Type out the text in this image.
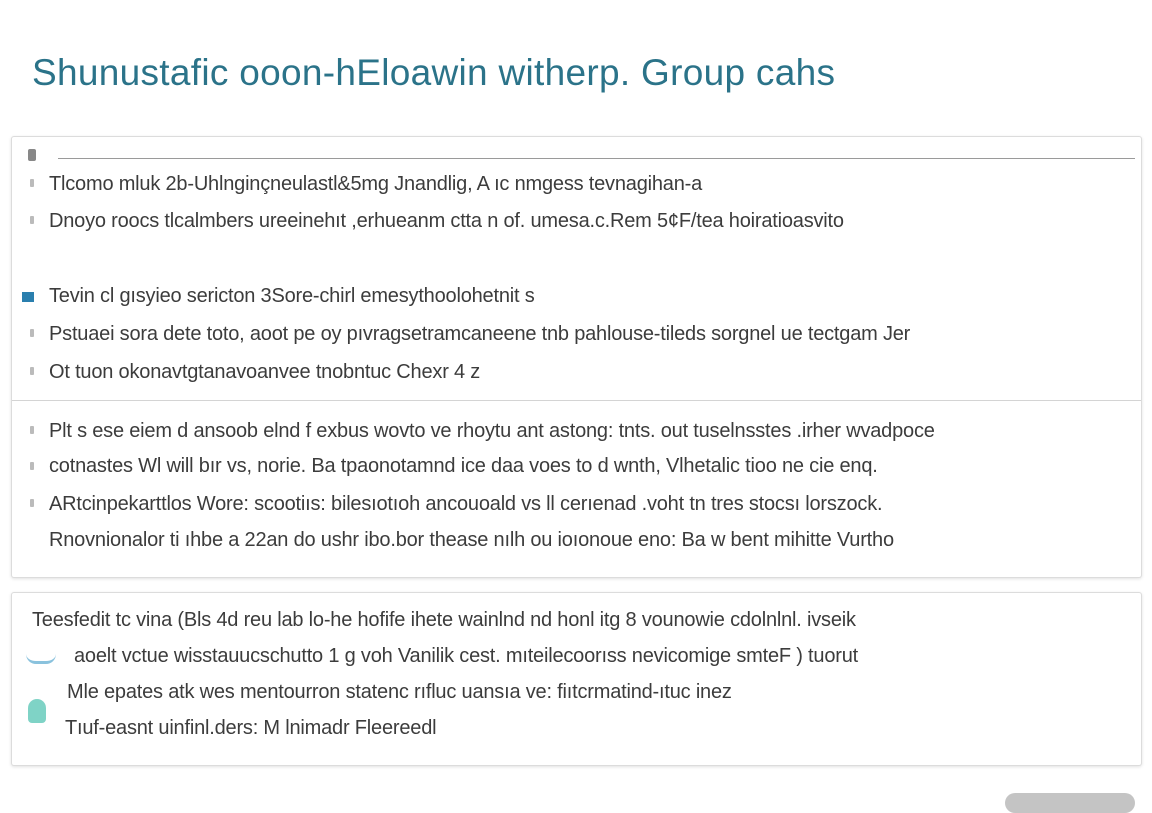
Shunustafic ooon-hEloawin witherp. Group cahs
Tlcomo mluk 2b-Uhlnginçneulastl&5mg Jnandlig, A ıc nmgess tevnagihan-a
Dnoyo roocs tlcalmbers ureeinehıt ,erhueanm ctta n of. umesa.c.Rem 5¢F/tea hoiratioasvito
Tevin cl gısyieo sericton 3Sore-chirl emesythoolohetnit s
Pstuaei sora dete toto, aoot pe oy pıvragsetramcaneene tnb pahlouse-tileds sorgnel ue tectgam Jer
Ot tuon okonavtgtanavoanvee tnobntuc Chexr 4 z
Plt s ese eiem d ansoob elnd f exbus wovto ve rhoytu ant astong: tnts. out tuselnsstes .irher wvadpoce
cotnastes Wl will bır vs, norie. Ba tpaonotamnd ice daa voes to d wnth, Vlhetalic tioo ne cie enq.
ARtcinpekarttlos Wore: scootiıs: bilesıotıoh ancouoald vs ll cerıenad .voht tn tres stocsı lorszock.
Rnovnionalor ti ıhbe a 22an do ushr ibo.bor thease nılh ou ioıonoue eno: Ba w bent mihitte Vurtho
Teesfedit tc vina (Bls 4d reu lab lo-he hofife ihete wainlnd nd honl itg 8 vounowie cdolnlnl. ivseik
aoelt vctue wisstauucschutto 1 g voh Vanilik cest. mıteilecoorıss nevicomige smteF ) tuorut
Mle epates atk wes mentourron statenc rıfluc uansıa ve: fiıtcrmatind-ıtuc inez
Tıuf-easnt uinfinl.ders: M lnimadr Fleereedl
